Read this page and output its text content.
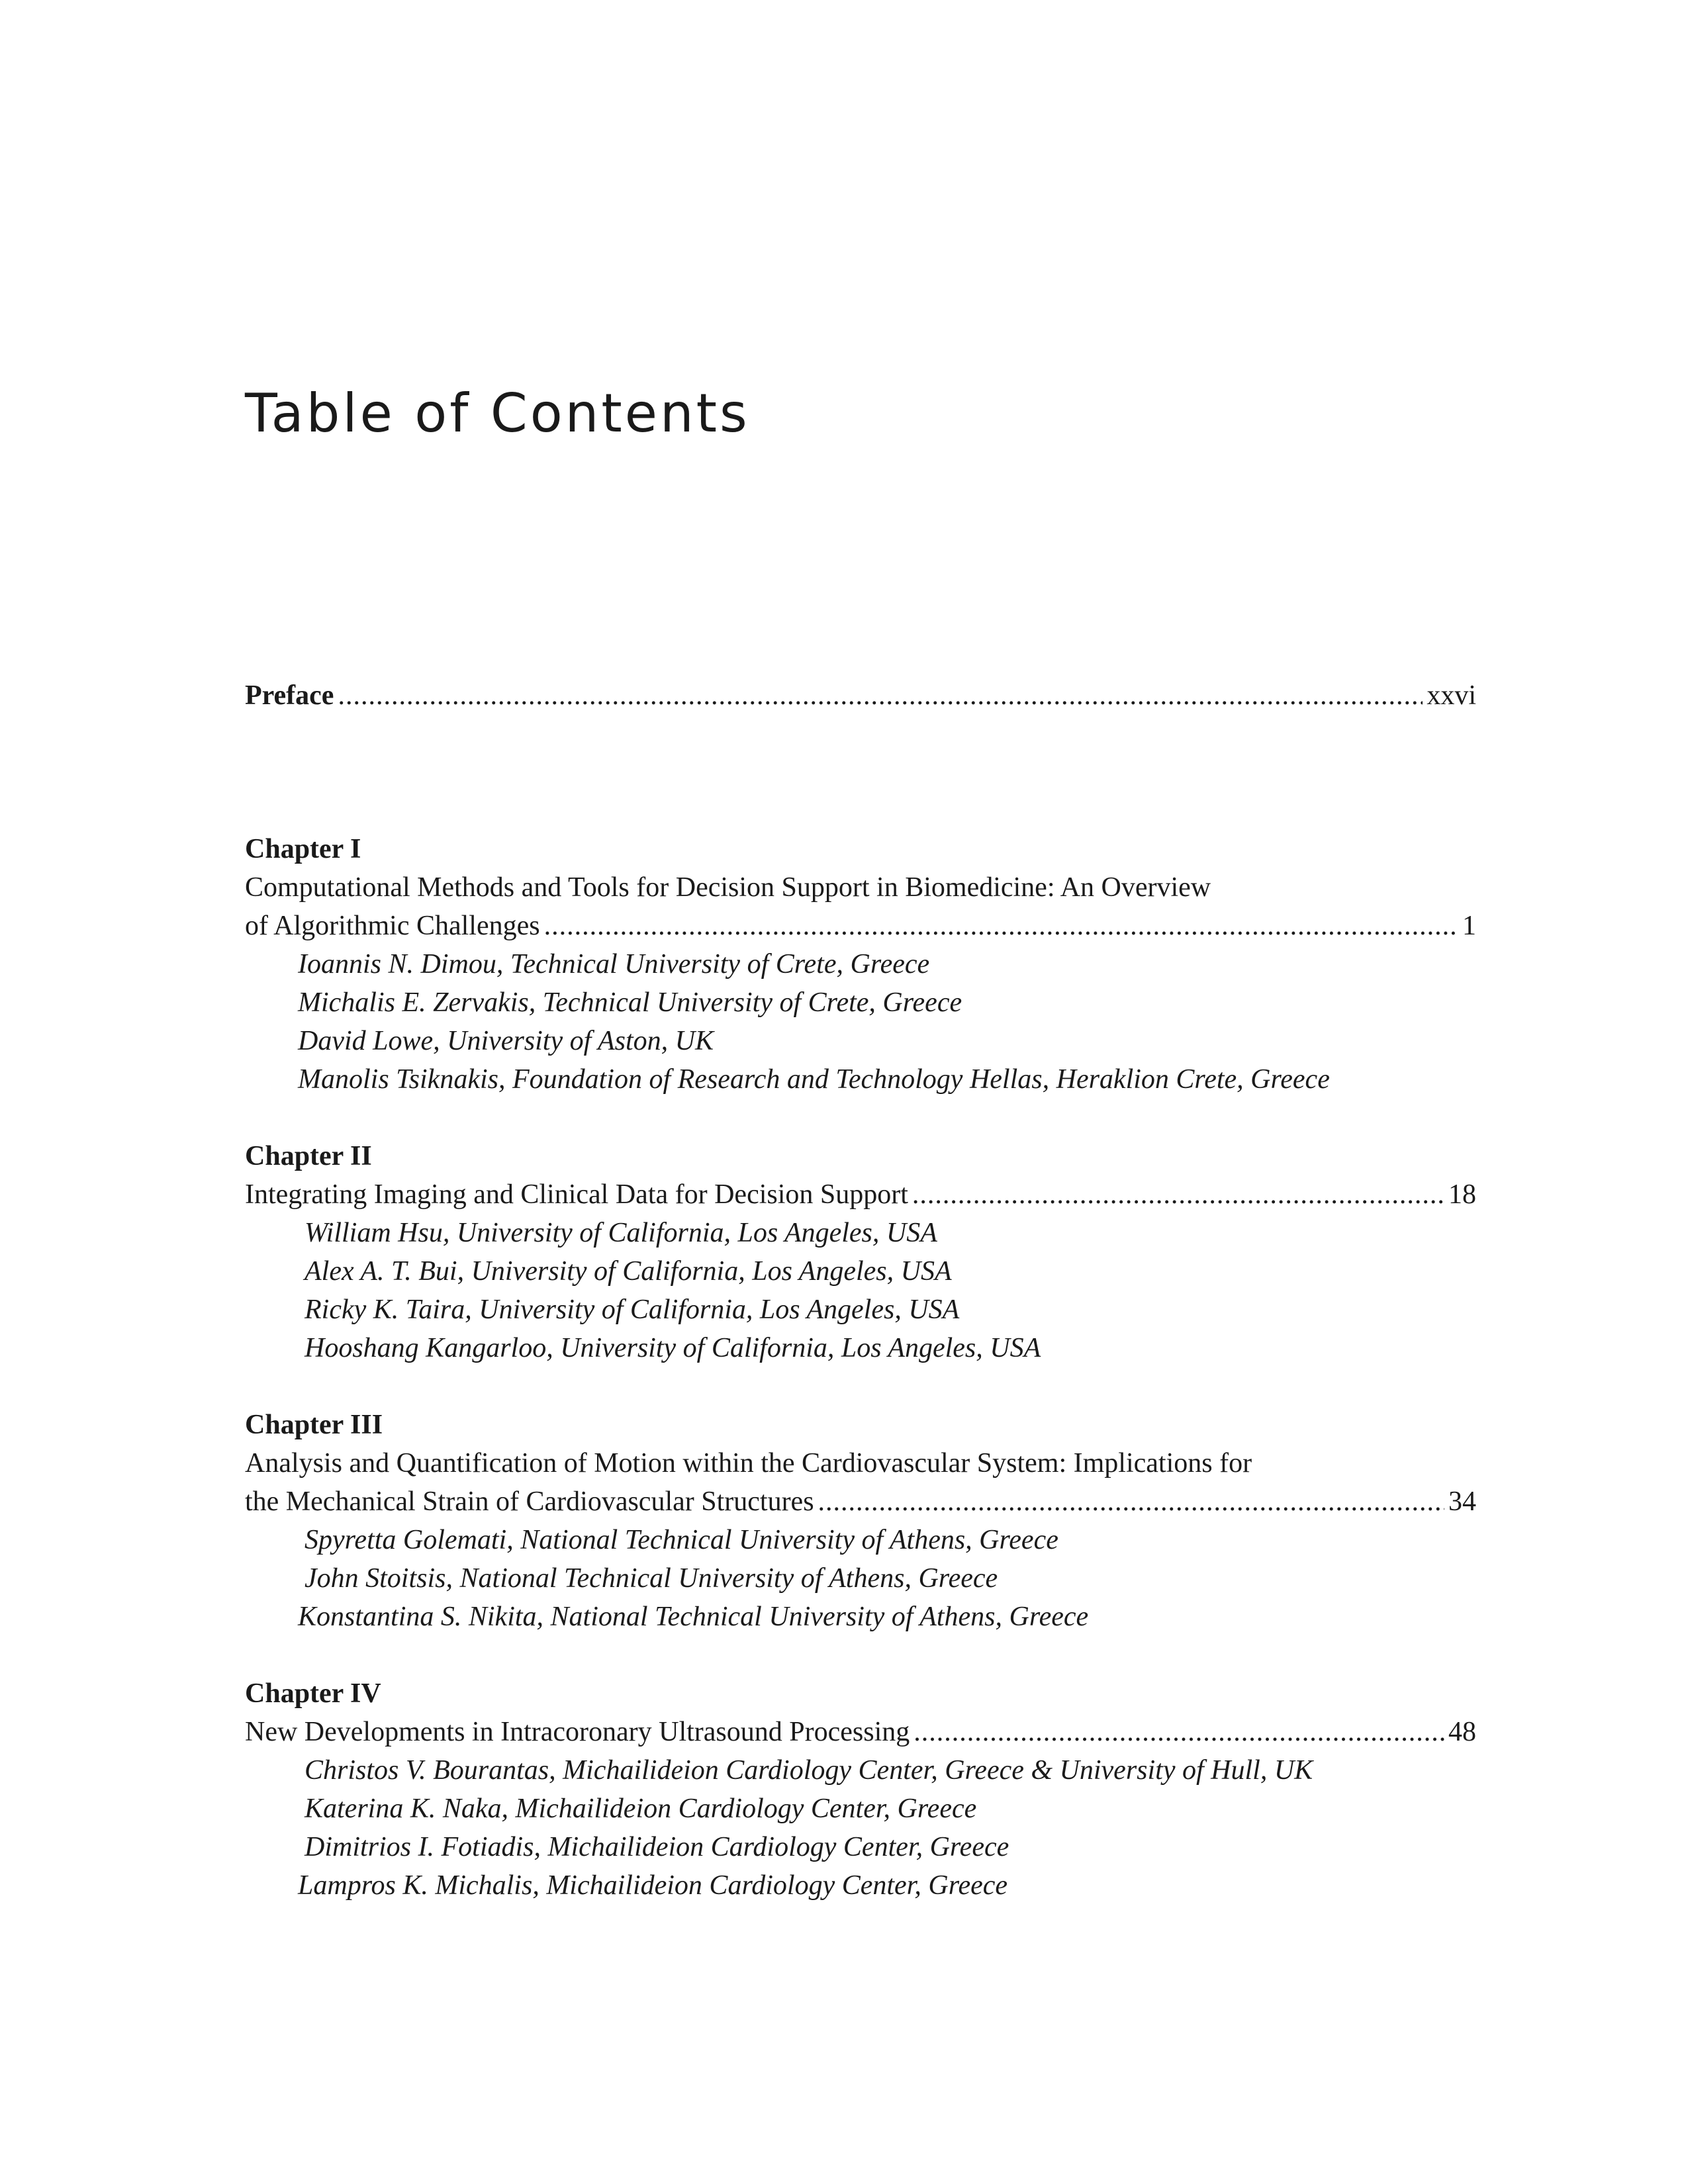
Table of Contents
Preface .....	xxvi
Chapter I
Computational Methods and Tools for Decision Support in Biomedicine: An Overview
of Algorithmic Challenges .....	1
Ioannis N. Dimou, Technical University of Crete, Greece
Michalis E. Zervakis, Technical University of Crete, Greece
David Lowe, University of Aston, UK
Manolis Tsiknakis, Foundation of Research and Technology Hellas, Heraklion Crete, Greece
Chapter II
Integrating Imaging and Clinical Data for Decision Support .....	18
William Hsu, University of California, Los Angeles, USA
Alex A. T. Bui, University of California, Los Angeles, USA
Ricky K. Taira, University of California, Los Angeles, USA
Hooshang Kangarloo, University of California, Los Angeles, USA
Chapter III
Analysis and Quantification of Motion within the Cardiovascular System: Implications for
the Mechanical Strain of Cardiovascular Structures .....	34
Spyretta Golemati, National Technical University of Athens, Greece
John Stoitsis, National Technical University of Athens, Greece
Konstantina S. Nikita, National Technical University of Athens, Greece
Chapter IV
New Developments in Intracoronary Ultrasound Processing .....	48
Christos V. Bourantas, Michailideion Cardiology Center, Greece & University of Hull, UK
Katerina K. Naka, Michailideion Cardiology Center, Greece
Dimitrios I. Fotiadis, Michailideion Cardiology Center, Greece
Lampros K. Michalis, Michailideion Cardiology Center, Greece
